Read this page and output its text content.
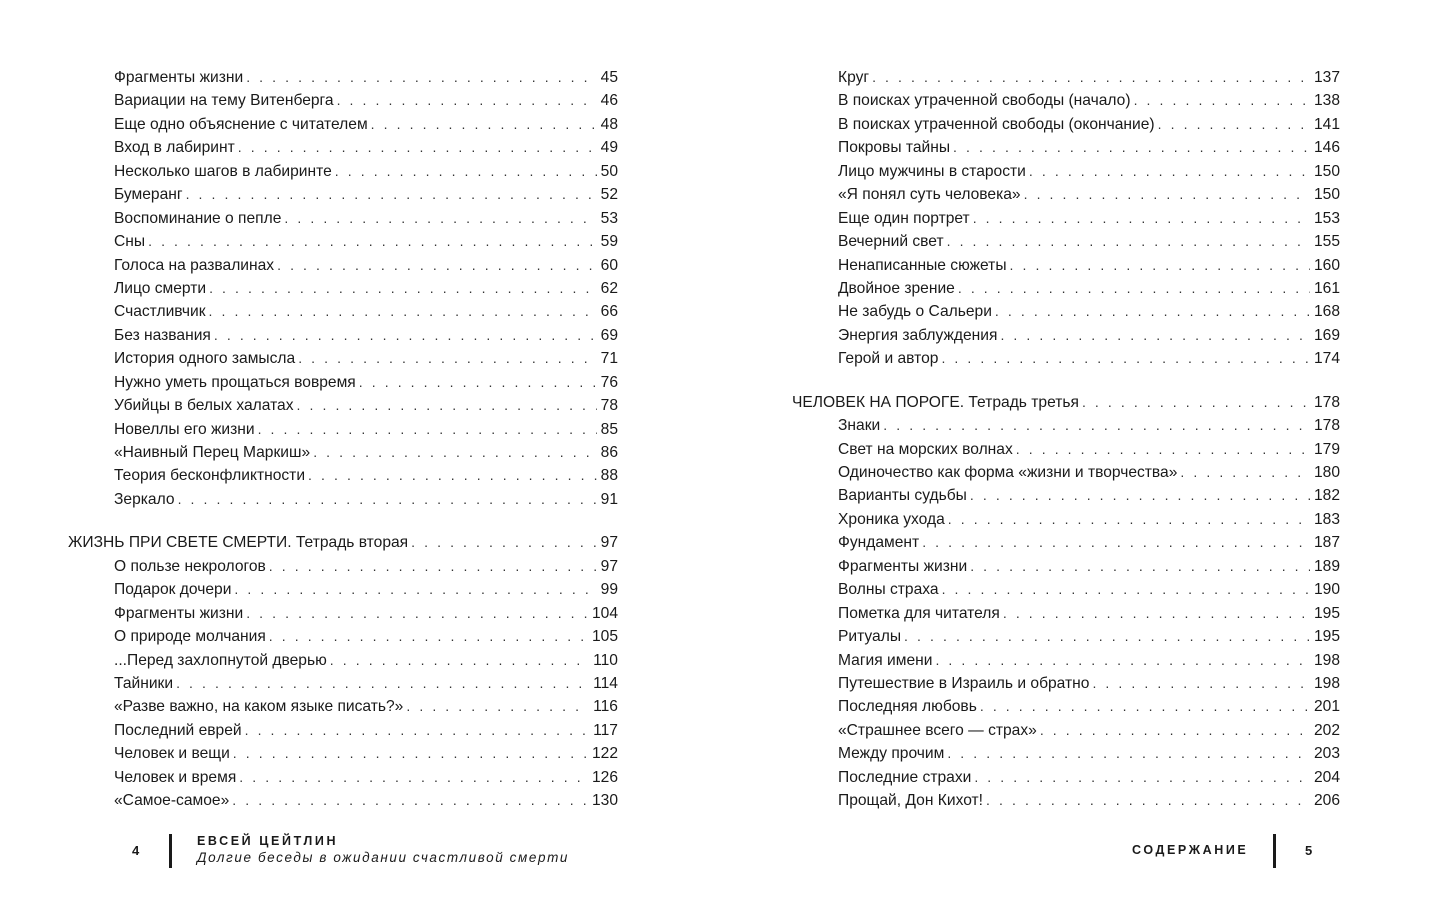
Фрагменты жизни . . .	45
Вариации на тему Витенберга . . .	46
Еще одно объяснение с читателем . . .	48
Вход в лабиринт . . .	49
Несколько шагов в лабиринте . . .	50
Бумеранг . . .	52
Воспоминание о пепле . . .	53
Сны . . .	59
Голоса на развалинах . . .	60
Лицо смерти . . .	62
Счастливчик . . .	66
Без названия . . .	69
История одного замысла . . .	71
Нужно уметь прощаться вовремя . . .	76
Убийцы в белых халатах . . .	78
Новеллы его жизни . . .	85
«Наивный Перец Маркиш» . . .	86
Теория бесконфликтности . . .	88
Зеркало . . .	91
ЖИЗНЬ ПРИ СВЕТЕ СМЕРТИ. Тетрадь вторая . . .	97
О пользе некрологов . . .	97
Подарок дочери . . .	99
Фрагменты жизни . . .	104
О природе молчания . . .	105
...Перед захлопнутой дверью . . .	110
Тайники . . .	114
«Разве важно, на каком языке писать?» . . .	116
Последний еврей . . .	117
Человек и вещи . . .	122
Человек и время . . .	126
«Самое-самое» . . .	130
4
ЕВСЕЙ ЦЕЙТЛИН
Долгие беседы в ожидании счастливой смерти
Круг . . .	137
В поисках утраченной свободы (начало) . . .	138
В поисках утраченной свободы (окончание) . . .	141
Покровы тайны . . .	146
Лицо мужчины в старости . . .	150
«Я понял суть человека» . . .	150
Еще один портрет . . .	153
Вечерний свет . . .	155
Ненаписанные сюжеты . . .	160
Двойное зрение . . .	161
Не забудь о Сальери . . .	168
Энергия заблуждения . . .	169
Герой и автор . . .	174
ЧЕЛОВЕК НА ПОРОГЕ. Тетрадь третья . . .	178
Знаки . . .	178
Свет на морских волнах . . .	179
Одиночество как форма «жизни и творчества» . . .	180
Варианты судьбы . . .	182
Хроника ухода . . .	183
Фундамент . . .	187
Фрагменты жизни . . .	189
Волны страха . . .	190
Пометка для читателя . . .	195
Ритуалы . . .	195
Магия имени . . .	198
Путешествие в Израиль и обратно . . .	198
Последняя любовь . . .	201
«Страшнее всего — страх» . . .	202
Между прочим . . .	203
Последние страхи . . .	204
Прощай, Дон Кихот! . . .	206
СОДЕРЖАНИЕ	5
